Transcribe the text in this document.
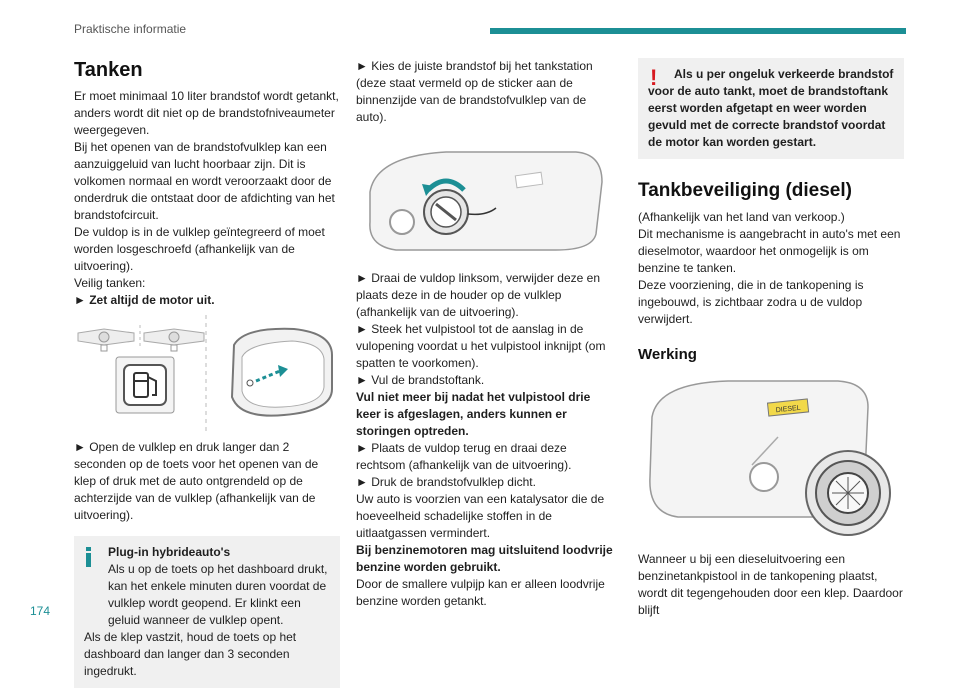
Praktische informatie
Tanken

Er moet minimaal 10 liter brandstof wordt getankt, anders wordt dit niet op de brandstofniveaumeter weergegeven.

Bij het openen van de brandstofvulklep kan een aanzuiggeluid van lucht hoorbaar zijn. Dit is volkomen normaal en wordt veroorzaakt door de onderdruk die ontstaat door de afdichting van het brandstofcircuit.

De vuldop is in de vulklep geïntegreerd of moet worden losgeschroefd (afhankelijk van de uitvoering).

Veilig tanken:

► Zet altijd de motor uit.

► Open de vulklep en druk langer dan 2 seconden op de toets voor het openen van de klep of druk met de auto ontgrendeld op de achterzijde van de vulklep (afhankelijk van de uitvoering).

Plug-in hybrideauto's

Als u op de toets op het dashboard drukt, kan het enkele minuten duren voordat de vulklep wordt geopend. Er klinkt een geluid wanneer de vulklep opent.

Als de klep vastzit, houd de toets op het dashboard dan langer dan 3 seconden ingedrukt.

► Kies de juiste brandstof bij het tankstation (deze staat vermeld op de sticker aan de binnenzijde van de brandstofvulklep van de auto).

► Draai de vuldop linksom, verwijder deze en plaats deze in de houder op de vulklep (afhankelijk van de uitvoering).

► Steek het vulpistool tot de aanslag in de vulopening voordat u het vulpistool inknijpt (om spatten te voorkomen).

► Vul de brandstoftank.

Vul niet meer bij nadat het vulpistool drie keer is afgeslagen, anders kunnen er storingen optreden.

► Plaats de vuldop terug en draai deze rechtsom (afhankelijk van de uitvoering).

► Druk de brandstofvulklep dicht.

Uw auto is voorzien van een katalysator die de hoeveelheid schadelijke stoffen in de uitlaatgassen vermindert.

Bij benzinemotoren mag uitsluitend loodvrije benzine worden gebruikt.

Door de smallere vulpijp kan er alleen loodvrije benzine worden getankt.

!	Als u per ongeluk verkeerde brandstof voor de auto tankt, moet de brandstoftank eerst worden afgetapt en weer worden gevuld met de correcte brandstof voordat de motor kan worden gestart.

Tankbeveiliging (diesel)

(Afhankelijk van het land van verkoop.)

Dit mechanisme is aangebracht in auto's met een dieselmotor, waardoor het onmogelijk is om benzine te tanken.

Deze voorziening, die in de tankopening is ingebouwd, is zichtbaar zodra u de vuldop verwijdert.

Werking
DIESEL

Wanneer u bij een dieseluitvoering een benzinetankpistool in de tankopening plaatst, wordt dit tegengehouden door een klep. Daardoor blijft

174
